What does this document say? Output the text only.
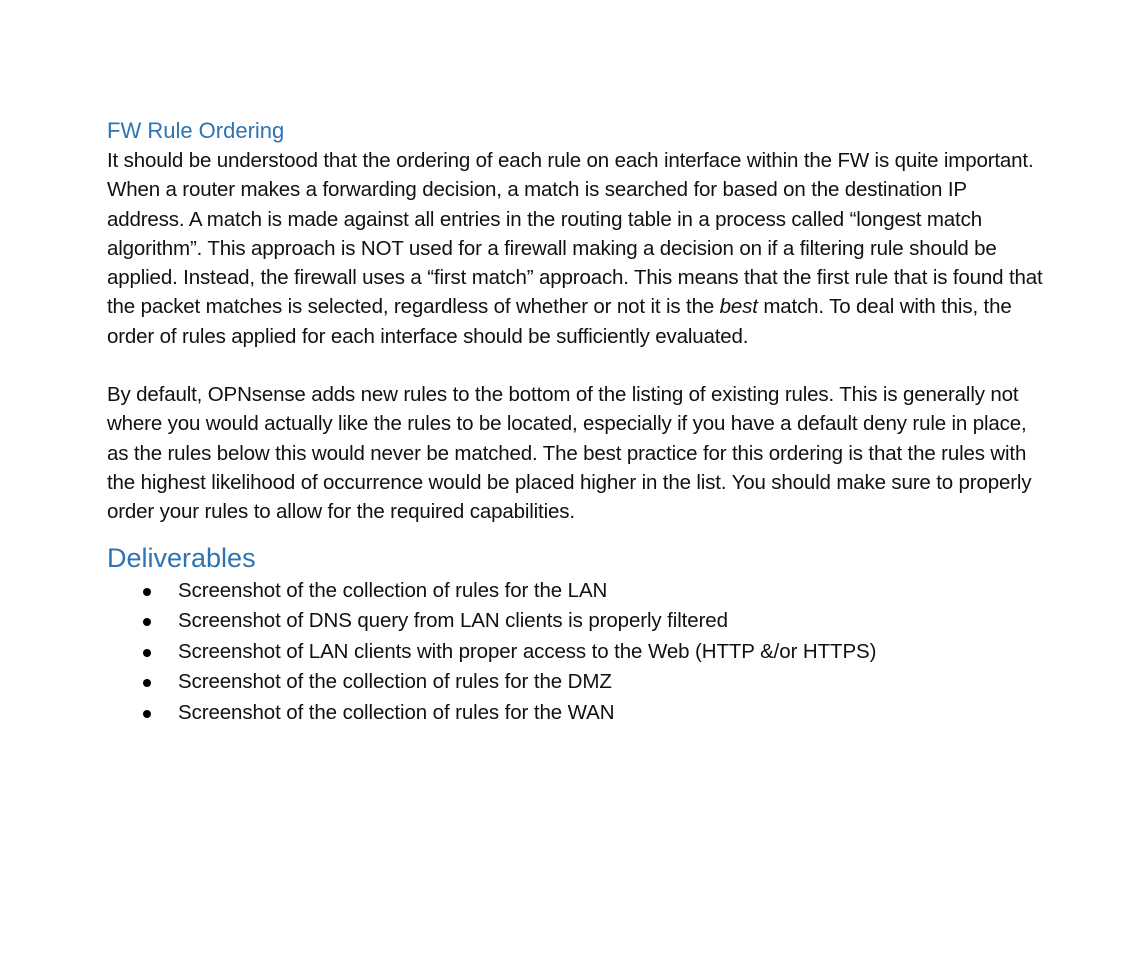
FW Rule Ordering

It should be understood that the ordering of each rule on each interface within the FW is quite important. When a router makes a forwarding decision, a match is searched for based on the destination IP address. A match is made against all entries in the routing table in a process called “longest match algorithm”. This approach is NOT used for a firewall making a decision on if a filtering rule should be applied. Instead, the firewall uses a “first match” approach. This means that the first rule that is found that the packet matches is selected, regardless of whether or not it is the best match. To deal with this, the order of rules applied for each interface should be sufficiently evaluated.

By default, OPNsense adds new rules to the bottom of the listing of existing rules. This is generally not where you would actually like the rules to be located, especially if you have a default deny rule in place, as the rules below this would never be matched. The best practice for this ordering is that the rules with the highest likelihood of occurrence would be placed higher in the list. You should make sure to properly order your rules to allow for the required capabilities.

Deliverables
Screenshot of the collection of rules for the LAN
Screenshot of DNS query from LAN clients is properly filtered
Screenshot of LAN clients with proper access to the Web (HTTP &/or HTTPS)
Screenshot of the collection of rules for the DMZ
Screenshot of the collection of rules for the WAN
